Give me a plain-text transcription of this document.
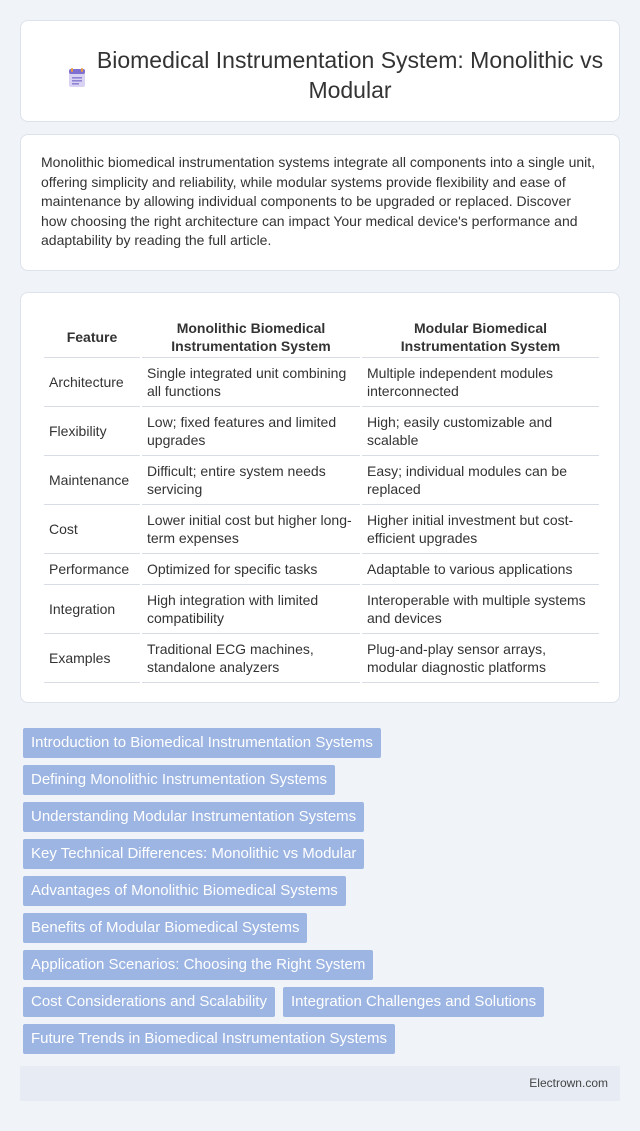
Biomedical Instrumentation System: Monolithic vs Modular

Monolithic biomedical instrumentation systems integrate all components into a single unit, offering simplicity and reliability, while modular systems provide flexibility and ease of maintenance by allowing individual components to be upgraded or replaced. Discover how choosing the right architecture can impact Your medical device's performance and adaptability by reading the full article.

Feature	Monolithic Biomedical Instrumentation System	Modular Biomedical Instrumentation System
Architecture	Single integrated unit combining all functions	Multiple independent modules interconnected
Flexibility	Low; fixed features and limited upgrades	High; easily customizable and scalable
Maintenance	Difficult; entire system needs servicing	Easy; individual modules can be replaced
Cost	Lower initial cost but higher long-term expenses	Higher initial investment but cost-efficient upgrades
Performance	Optimized for specific tasks	Adaptable to various applications
Integration	High integration with limited compatibility	Interoperable with multiple systems and devices
Examples	Traditional ECG machines, standalone analyzers	Plug-and-play sensor arrays, modular diagnostic platforms
Introduction to Biomedical Instrumentation Systems
Defining Monolithic Instrumentation Systems
Understanding Modular Instrumentation Systems
Key Technical Differences: Monolithic vs Modular
Advantages of Monolithic Biomedical Systems
Benefits of Modular Biomedical Systems
Application Scenarios: Choosing the Right System
Cost Considerations and Scalability	Integration Challenges and Solutions
Future Trends in Biomedical Instrumentation Systems
Electrown.com
